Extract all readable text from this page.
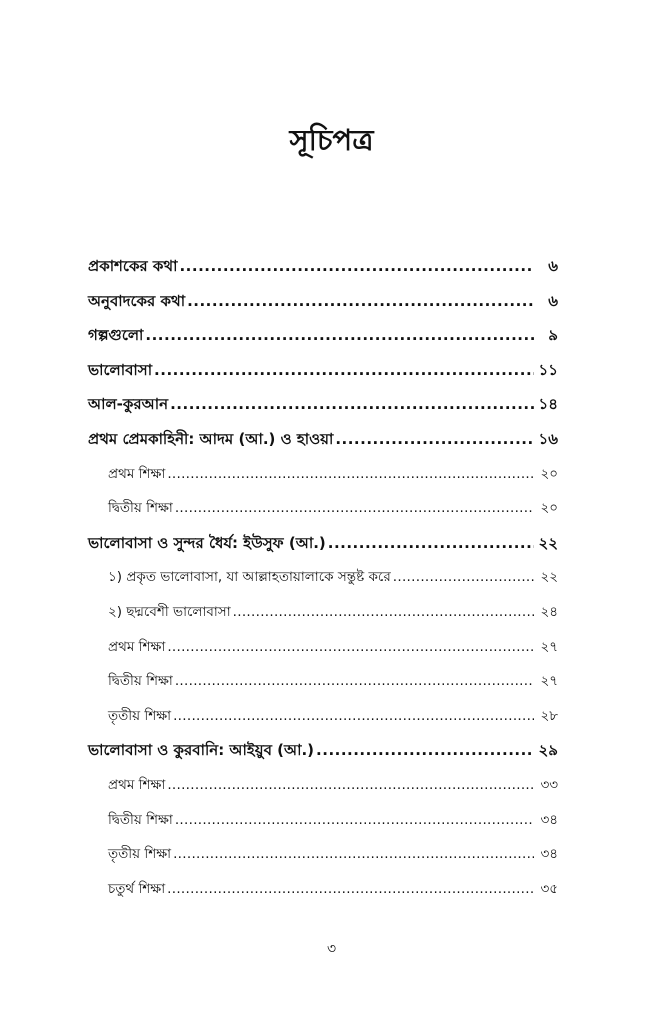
সূচিপত্র
প্রকাশকের কথা .....	৬
অনুবাদকের কথা .....	৬
গল্পগুলো .....	৯
ভালোবাসা .....	১১
আল-কুরআন .....	১৪
প্রথম প্রেমকাহিনী: আদম (আ.) ও হাওয়া .....	১৬
প্রথম শিক্ষা .....	২০
দ্বিতীয় শিক্ষা .....	২০
ভালোবাসা ও সুন্দর ধৈর্য: ইউসুফ (আ.) .....	২২
১) প্রকৃত ভালোবাসা, যা আল্লাহতায়ালাকে সন্তুষ্ট করে .....	২২
২) ছদ্মবেশী ভালোবাসা .....	২৪
প্রথম শিক্ষা .....	২৭
দ্বিতীয় শিক্ষা .....	২৭
তৃতীয় শিক্ষা .....	২৮
ভালোবাসা ও কুরবানি: আইয়ুব (আ.) .....	২৯
প্রথম শিক্ষা .....	৩৩
দ্বিতীয় শিক্ষা .....	৩৪
তৃতীয় শিক্ষা .....	৩৪
চতুর্থ শিক্ষা .....	৩৫
৩
